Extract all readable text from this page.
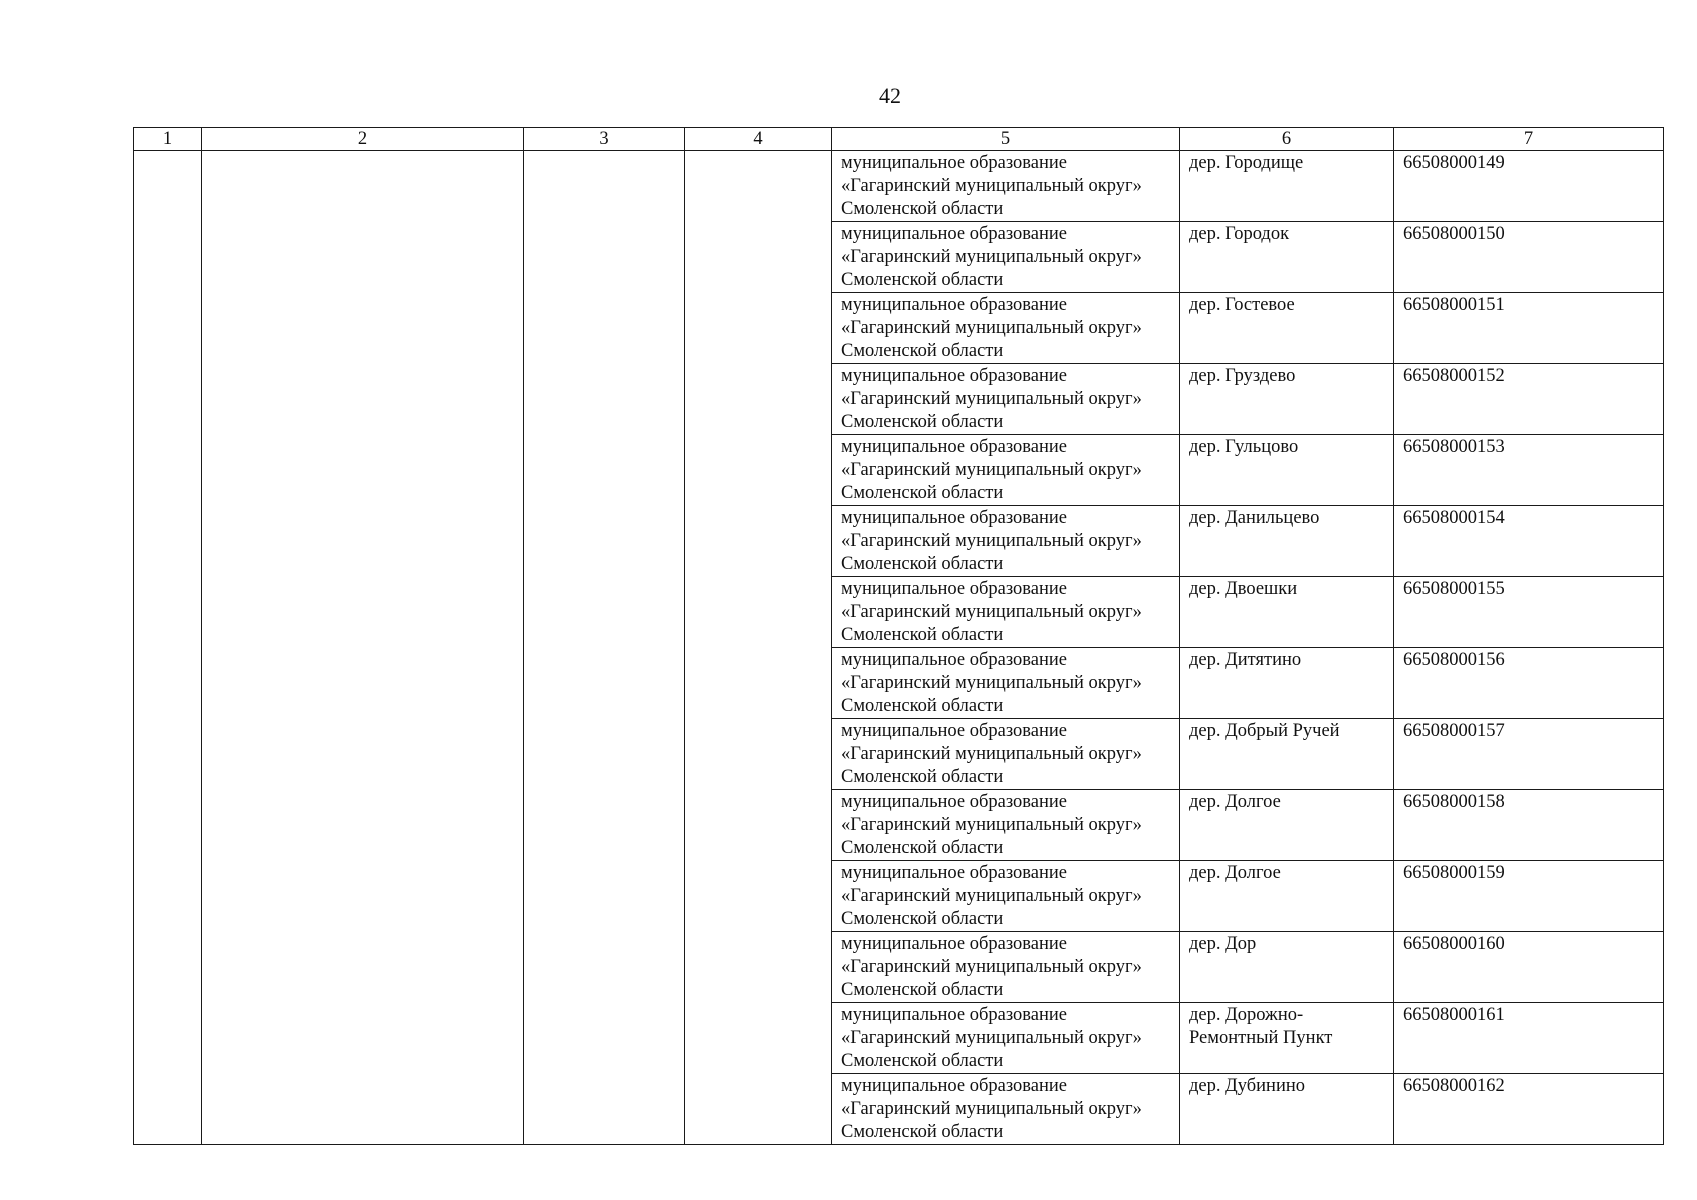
42
1	2	3	4	5	6	7

				муниципальное образование
«Гагаринский муниципальный округ»
Смоленской области	дер. Городище	66508000149

				муниципальное образование
«Гагаринский муниципальный округ»
Смоленской области	дер. Городок	66508000150

				муниципальное образование
«Гагаринский муниципальный округ»
Смоленской области	дер. Гостевое	66508000151

				муниципальное образование
«Гагаринский муниципальный округ»
Смоленской области	дер. Груздево	66508000152

				муниципальное образование
«Гагаринский муниципальный округ»
Смоленской области	дер. Гульцово	66508000153

				муниципальное образование
«Гагаринский муниципальный округ»
Смоленской области	дер. Данильцево	66508000154

				муниципальное образование
«Гагаринский муниципальный округ»
Смоленской области	дер. Двоешки	66508000155

				муниципальное образование
«Гагаринский муниципальный округ»
Смоленской области	дер. Дитятино	66508000156

				муниципальное образование
«Гагаринский муниципальный округ»
Смоленской области	дер. Добрый Ручей	66508000157

				муниципальное образование
«Гагаринский муниципальный округ»
Смоленской области	дер. Долгое	66508000158

				муниципальное образование
«Гагаринский муниципальный округ»
Смоленской области	дер. Долгое	66508000159

				муниципальное образование
«Гагаринский муниципальный округ»
Смоленской области	дер. Дор	66508000160

				муниципальное образование
«Гагаринский муниципальный округ»
Смоленской области	дер. Дорожно-
Ремонтный Пункт	66508000161

				муниципальное образование
«Гагаринский муниципальный округ»
Смоленской области	дер. Дубинино	66508000162
